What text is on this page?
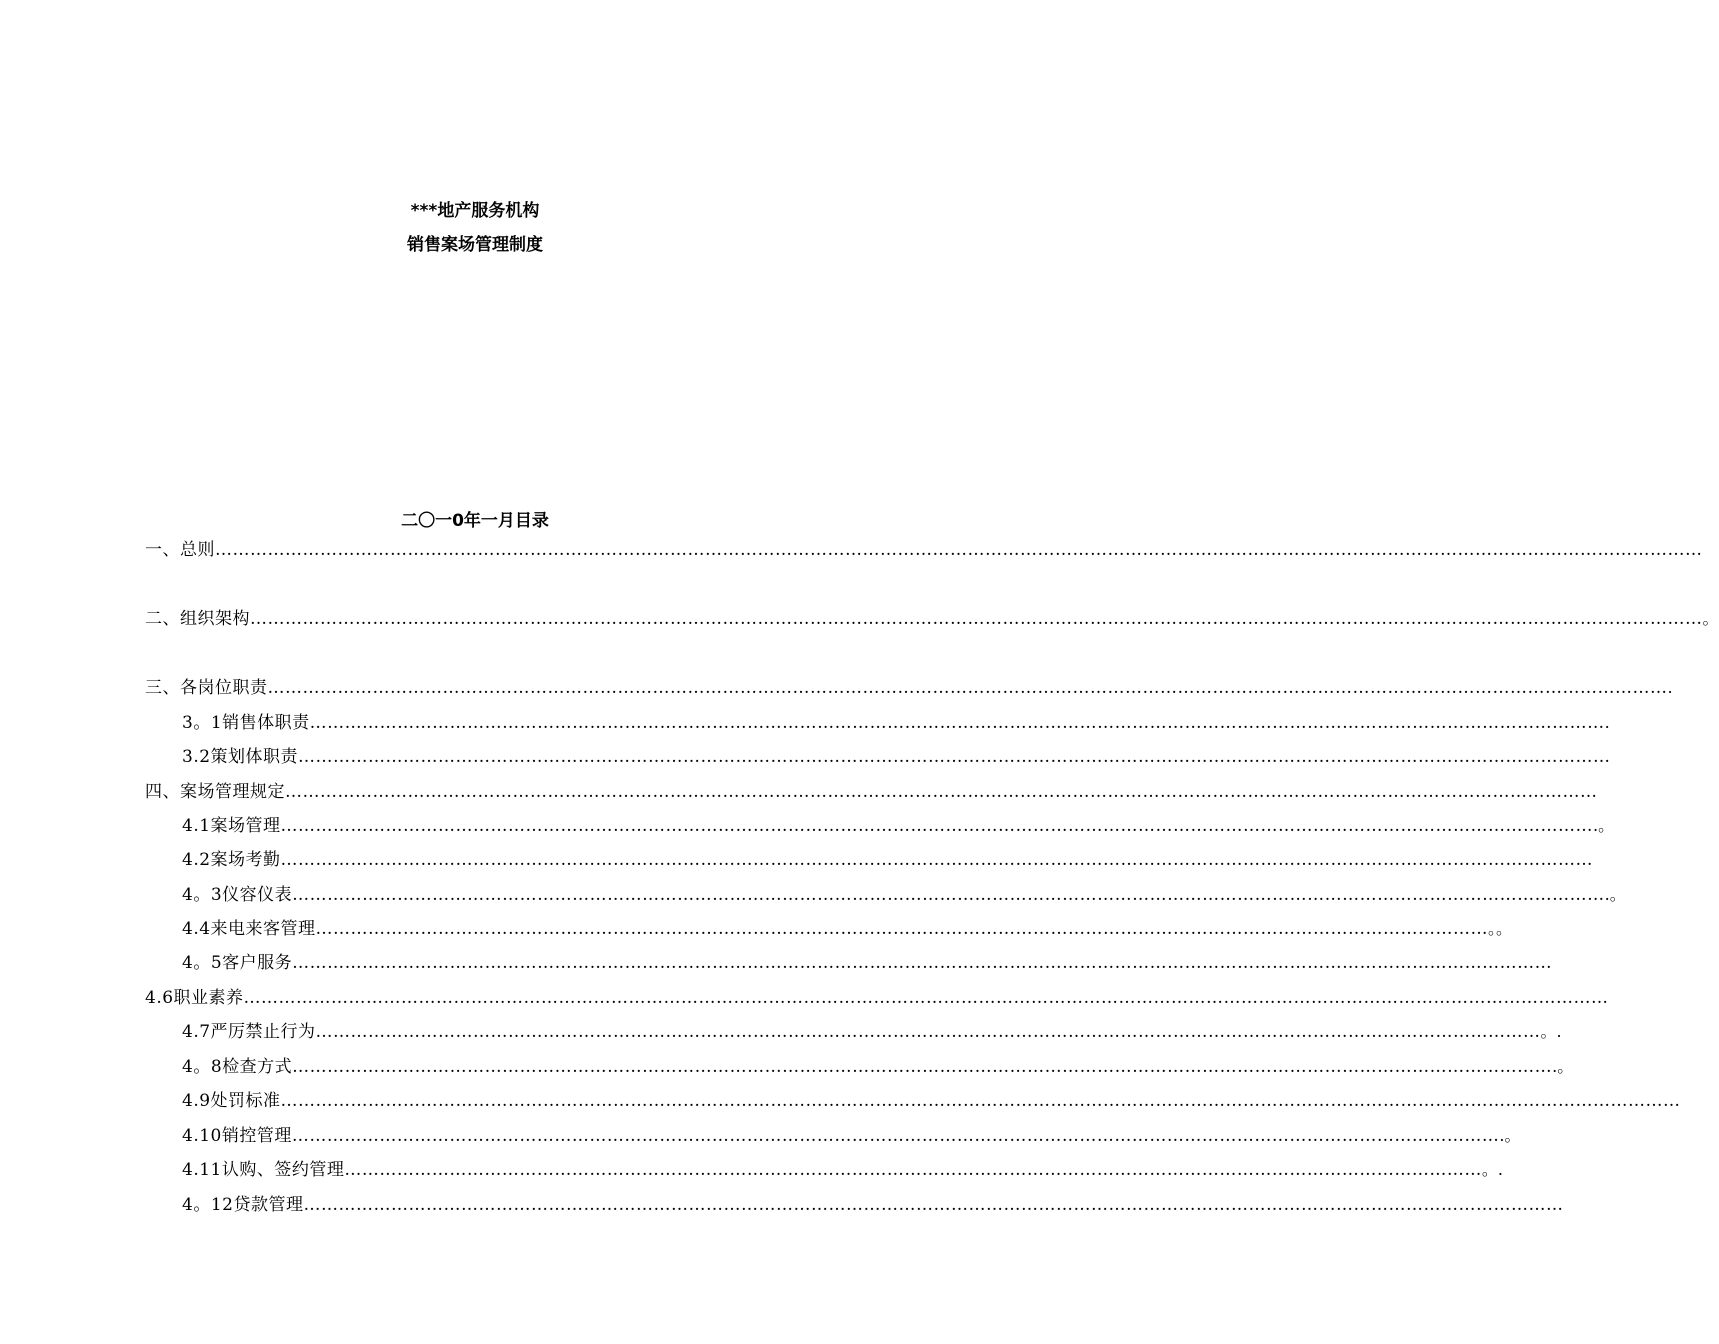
***地产服务机构
销售案场管理制度
二〇一0年一月目录
一、总则…………………………………………………………………………………………………………………………………………………………………………………………………………………………………
二、组织架构……………………………………………………………………………………………………………………………………………………………………………………………………………………………。
三、各岗位职责…………………………………………………………………………………………………………………………………………………………………………………………………………………….
3。1销售体职责…………………………………………………………………………………………………………………………………………………………………………………………………….
3.2策划体职责………………………………………………………………………………………………………………………………………………………………………………………………………
四、案场管理规定………………………………………………………………………………………………………………………………………………………………………………………………………
4.1案场管理……………………………………………………………………………………………………………………………………………………………………………………………………….。
4.2案场考勤………………………………………………………………………………………………………………………………………………………………………………………………………
4。3仪容仪表……………………………………………………………………………………………………………………………………………………………………………………………………….。
4.4来电来客管理…………………………………………………………………………………………………………………………………………………………………………………。。
4。5客户服务………………………………………………………………………………………………………………………………………………………………………………………………
4.6职业素养………………………………………………………………………………………………………………………………………………………………………………………………………………
4.7严厉禁止行为…………………………………………………………………………………………………………………………………………………………………………………………。.
4。8检查方式……………………………………………………………………………………………………………………………………………………………………………………………….。
4.9处罚标准……………………………………………………………………………………………………………………………………………………………………………………………………………………
4.10销控管理……………………………………………………………………………………………………………………………………………………………………………………….。
4.11认购、签约管理……………………………………………………………………………………………………………………………………………………………………………。.
4。12贷款管理………………………………………………………………………………………………………………………………………………………………………………………………
